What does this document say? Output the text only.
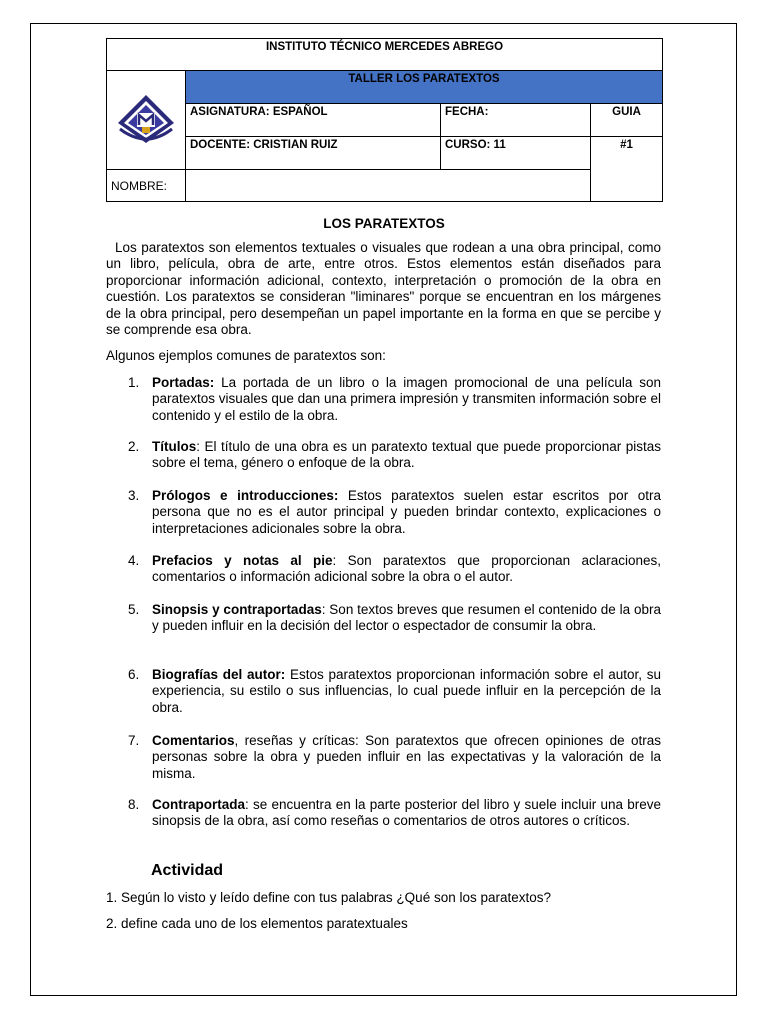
INSTITUTO TÉCNICO MERCEDES ABREGO			
	TALLER LOS PARATEXTOS		
	ASIGNATURA: ESPAÑOL	FECHA:	GUIA
	DOCENTE: CRISTIAN RUIZ	CURSO: 11	#1
NOMBRE:			
LOS PARATEXTOS

Los paratextos son elementos textuales o visuales que rodean a una obra principal, como un libro, película, obra de arte, entre otros. Estos elementos están diseñados para proporcionar información adicional, contexto, interpretación o promoción de la obra en cuestión. Los paratextos se consideran "liminares" porque se encuentran en los márgenes de la obra principal, pero desempeñan un papel importante en la forma en que se percibe y se comprende esa obra.

Algunos ejemplos comunes de paratextos son:

1. Portadas: La portada de un libro o la imagen promocional de una película son paratextos visuales que dan una primera impresión y transmiten información sobre el contenido y el estilo de la obra.
2. Títulos: El título de una obra es un paratexto textual que puede proporcionar pistas sobre el tema, género o enfoque de la obra.
3. Prólogos e introducciones: Estos paratextos suelen estar escritos por otra persona que no es el autor principal y pueden brindar contexto, explicaciones o interpretaciones adicionales sobre la obra.
4. Prefacios y notas al pie: Son paratextos que proporcionan aclaraciones, comentarios o información adicional sobre la obra o el autor.
5. Sinopsis y contraportadas: Son textos breves que resumen el contenido de la obra y pueden influir en la decisión del lector o espectador de consumir la obra.
6. Biografías del autor: Estos paratextos proporcionan información sobre el autor, su experiencia, su estilo o sus influencias, lo cual puede influir en la percepción de la obra.
7. Comentarios, reseñas y críticas: Son paratextos que ofrecen opiniones de otras personas sobre la obra y pueden influir en las expectativas y la valoración de la misma.
8. Contraportada: se encuentra en la parte posterior del libro y suele incluir una breve sinopsis de la obra, así como reseñas o comentarios de otros autores o críticos.
Actividad
1. Según lo visto y leído define con tus palabras ¿Qué son los paratextos?
2. define cada uno de los elementos paratextuales
